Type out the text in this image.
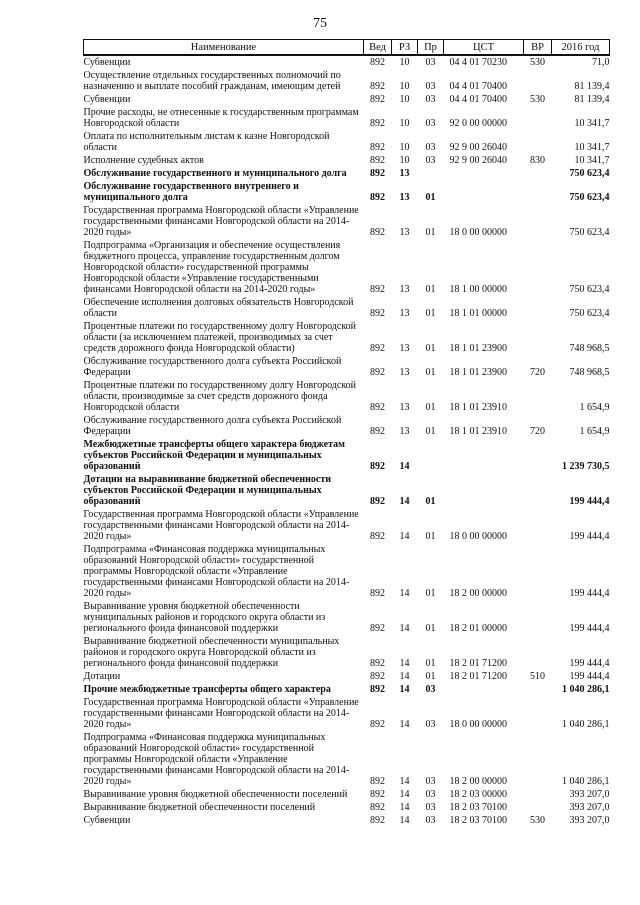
75
Наименование	Вед	РЗ	Пр	ЦСТ	ВР	2016 год
Субвенции	892	10	03	04 4 01 70230	530	71,0
Осуществление отдельных государственных полномочий по назначению и выплате пособий гражданам, имеющим детей	892	10	03	04 4 01 70400		81 139,4
Субвенции	892	10	03	04 4 01 70400	530	81 139,4
Прочие расходы, не отнесенные к государственным программам Новгородской области	892	10	03	92 0 00 00000		10 341,7
Оплата по исполнительным листам к казне Новгородской области	892	10	03	92 9 00 26040		10 341,7
Исполнение судебных актов	892	10	03	92 9 00 26040	830	10 341,7
Обслуживание государственного и муниципального долга	892	13				750 623,4
Обслуживание государственного внутреннего и муниципального долга	892	13	01			750 623,4
Государственная программа Новгородской области «Управление государственными финансами Новгородской области на 2014-2020 годы»	892	13	01	18 0 00 00000		750 623,4
Подпрограмма «Организация и обеспечение осуществления бюджетного процесса, управление государственным долгом Новгородской области» государственной программы Новгородской области «Управление государственными финансами Новгородской области на 2014-2020 годы»	892	13	01	18 1 00 00000		750 623,4
Обеспечение исполнения долговых обязательств Новгородской области	892	13	01	18 1 01 00000		750 623,4
Процентные платежи по государственному долгу Новгородской области (за исключением платежей, производимых за счет средств дорожного фонда Новгородской области)	892	13	01	18 1 01 23900		748 968,5
Обслуживание государственного долга субъекта Российской Федерации	892	13	01	18 1 01 23900	720	748 968,5
Процентные платежи по государственному долгу Новгородской области, производимые за счет средств дорожного фонда Новгородской области	892	13	01	18 1 01 23910		1 654,9
Обслуживание государственного долга субъекта Российской Федерации	892	13	01	18 1 01 23910	720	1 654,9
Межбюджетные трансферты общего характера бюджетам субъектов Российской Федерации и муниципальных образований	892	14				1 239 730,5
Дотации на выравнивание бюджетной обеспеченности субъектов Российской Федерации и муниципальных образований	892	14	01			199 444,4
Государственная программа Новгородской области «Управление государственными финансами Новгородской области на 2014-2020 годы»	892	14	01	18 0 00 00000		199 444,4
Подпрограмма «Финансовая поддержка муниципальных образований Новгородской области» государственной программы Новгородской области «Управление государственными финансами Новгородской области на 2014-2020 годы»	892	14	01	18 2 00 00000		199 444,4
Выравнивание уровня бюджетной обеспеченности муниципальных районов и городского округа области из регионального фонда финансовой поддержки	892	14	01	18 2 01 00000		199 444,4
Выравнивание бюджетной обеспеченности муниципальных районов и городского округа Новгородской области из регионального фонда финансовой поддержки	892	14	01	18 2 01 71200		199 444,4
Дотации	892	14	01	18 2 01 71200	510	199 444,4
Прочие межбюджетные трансферты общего характера	892	14	03			1 040 286,1
Государственная программа Новгородской области «Управление государственными финансами Новгородской области на 2014-2020 годы»	892	14	03	18 0 00 00000		1 040 286,1
Подпрограмма «Финансовая поддержка муниципальных образований Новгородской области» государственной программы Новгородской области «Управление государственными финансами Новгородской области на 2014-2020 годы»	892	14	03	18 2 00 00000		1 040 286,1
Выравнивание уровня бюджетной обеспеченности поселений	892	14	03	18 2 03 00000		393 207,0
Выравнивание бюджетной обеспеченности поселений	892	14	03	18 2 03 70100		393 207,0
Субвенции	892	14	03	18 2 03 70100	530	393 207,0
